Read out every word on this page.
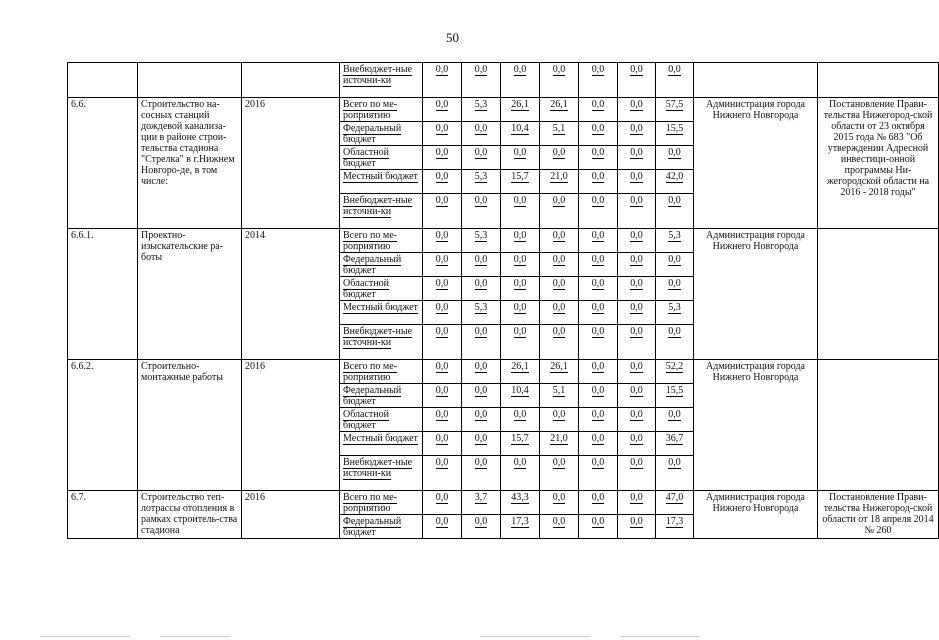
50
			Внебюджет-ные источни-ки	0,0	0,0	0,0	0,0	0,0	0,0	0,0		
6.6.	Строительство на-сосных станций дождевой канализа-ции в районе строи-тельства стадиона "Стрелка" в г.Нижнем Новгоро-де, в том числе:	2016	Всего по ме-роприятию	0,0	5,3	26,1	26,1	0,0	0,0	57,5	Администрация города Нижнего Новгорода	Постановление Прави-тельства Нижегород-ской области от 23 октября 2015 года № 683 "Об утверждении Адресной инвестици-онной программы Ни-жегородской области на 2016 - 2018 годы"
			Федеральный бюджет	0,0	0,0	10,4	5,1	0,0	0,0	15,5		
			Областной бюджет	0,0	0,0	0,0	0,0	0,0	0,0	0,0		
			Местный бюджет	0,0	5,3	15,7	21,0	0,0	0,0	42,0		
			Внебюджет-ные источни-ки	0,0	0,0	0,0	0,0	0,0	0,0	0,0		
6.6.1.	Проектно-изыскательские ра-боты	2014	Всего по ме-роприятию	0,0	5,3	0,0	0,0	0,0	0,0	5,3	Администрация города Нижнего Новгорода	
			Федеральный бюджет	0,0	0,0	0,0	0,0	0,0	0,0	0,0		
			Областной бюджет	0,0	0,0	0,0	0,0	0,0	0,0	0,0		
			Местный бюджет	0,0	5,3	0,0	0,0	0,0	0,0	5,3		
			Внебюджет-ные источни-ки	0,0	0,0	0,0	0,0	0,0	0,0	0,0		
6.6.2.	Строительно-монтажные работы	2016	Всего по ме-роприятию	0,0	0,0	26,1	26,1	0,0	0,0	52,2	Администрация города Нижнего Новгорода	
			Федеральный бюджет	0,0	0,0	10,4	5,1	0,0	0,0	15,5		
			Областной бюджет	0,0	0,0	0,0	0,0	0,0	0,0	0,0		
			Местный бюджет	0,0	0,0	15,7	21,0	0,0	0,0	36,7		
			Внебюджет-ные источни-ки	0,0	0,0	0,0	0,0	0,0	0,0	0,0		
6.7.	Строительство теп-лотрассы отопления в рамках строитель-ства стадиона	2016	Всего по ме-роприятию	0,0	3,7	43,3	0,0	0,0	0,0	47,0	Администрация города Нижнего Новгорода	Постановление Прави-тельства Нижегород-ской области от 18 апреля 2014 № 260
			Федеральный бюджет	0,0	0,0	17,3	0,0	0,0	0,0	17,3		
